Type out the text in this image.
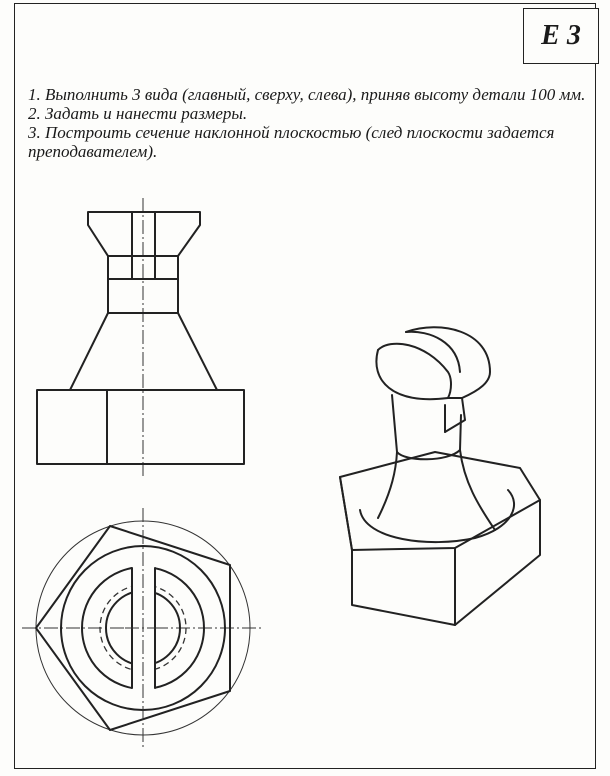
E 3

1. Выполнить 3 вида (главный, сверху, слева), приняв высоту детали 100 мм.

2. Задать и нанести размеры.

3. Построить сечение наклонной плоскостью (след плоскости задается преподавателем).
